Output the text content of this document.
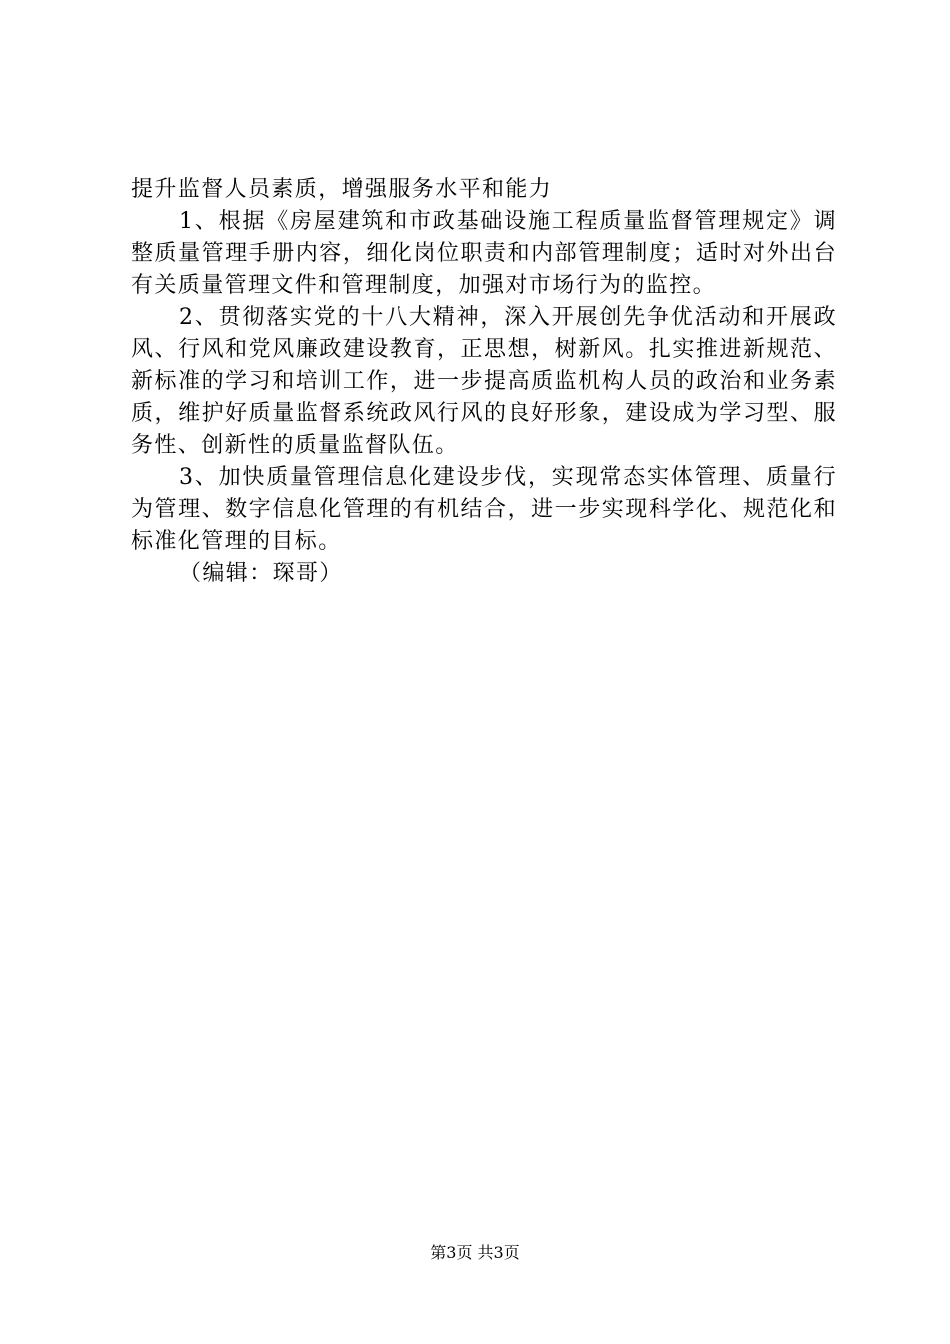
提升监督人员素质，增强服务水平和能力

1、根据《房屋建筑和市政基础设施工程质量监督管理规定》调整质量管理手册内容，细化岗位职责和内部管理制度；适时对外出台有关质量管理文件和管理制度，加强对市场行为的监控。

2、贯彻落实党的十八大精神，深入开展创先争优活动和开展政风、行风和党风廉政建设教育，正思想，树新风。扎实推进新规范、新标准的学习和培训工作，进一步提高质监机构人员的政治和业务素质，维护好质量监督系统政风行风的良好形象，建设成为学习型、服务性、创新性的质量监督队伍。

3、加快质量管理信息化建设步伐，实现常态实体管理、质量行为管理、数字信息化管理的有机结合，进一步实现科学化、规范化和标准化管理的目标。

（编辑：琛哥）

第3页 共3页
